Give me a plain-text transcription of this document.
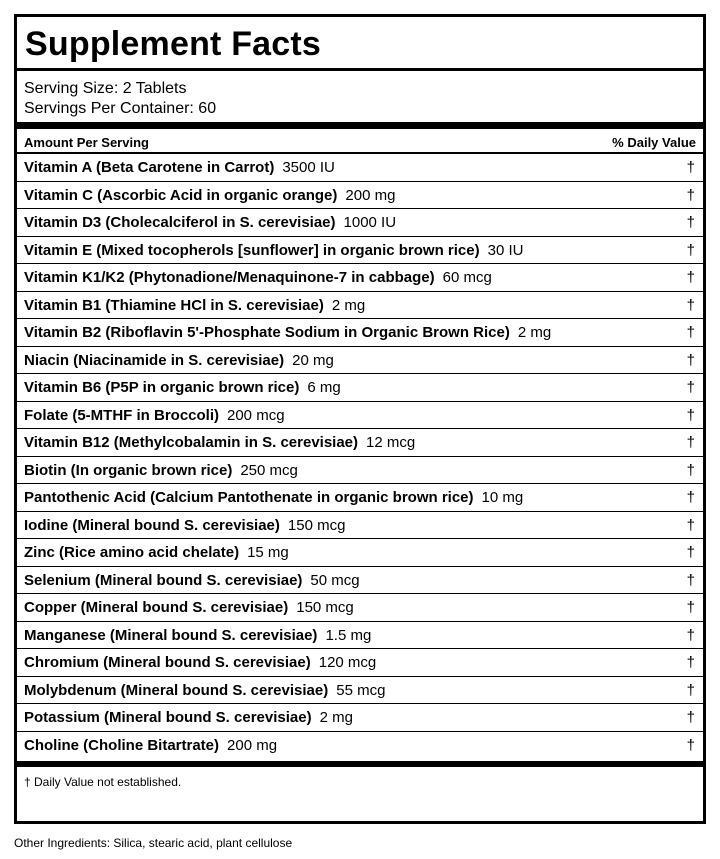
Supplement Facts
Serving Size: 2 Tablets
Servings Per Container: 60
Amount Per Serving	% Daily Value
Vitamin A (Beta Carotene in Carrot) 3500 IU	†
Vitamin C (Ascorbic Acid in organic orange) 200 mg	†
Vitamin D3 (Cholecalciferol in S. cerevisiae) 1000 IU	†
Vitamin E (Mixed tocopherols [sunflower] in organic brown rice) 30 IU	†
Vitamin K1/K2 (Phytonadione/Menaquinone-7 in cabbage) 60 mcg	†
Vitamin B1 (Thiamine HCl in S. cerevisiae) 2 mg	†
Vitamin B2 (Riboflavin 5'-Phosphate Sodium in Organic Brown Rice) 2 mg	†
Niacin (Niacinamide in S. cerevisiae) 20 mg	†
Vitamin B6 (P5P in organic brown rice) 6 mg	†
Folate (5-MTHF in Broccoli) 200 mcg	†
Vitamin B12 (Methylcobalamin in S. cerevisiae) 12 mcg	†
Biotin (In organic brown rice) 250 mcg	†
Pantothenic Acid (Calcium Pantothenate in organic brown rice) 10 mg	†
Iodine (Mineral bound S. cerevisiae) 150 mcg	†
Zinc (Rice amino acid chelate) 15 mg	†
Selenium (Mineral bound S. cerevisiae) 50 mcg	†
Copper (Mineral bound S. cerevisiae) 150 mcg	†
Manganese (Mineral bound S. cerevisiae) 1.5 mg	†
Chromium (Mineral bound S. cerevisiae) 120 mcg	†
Molybdenum (Mineral bound S. cerevisiae) 55 mcg	†
Potassium (Mineral bound S. cerevisiae) 2 mg	†
Choline (Choline Bitartrate) 200 mg	†
† Daily Value not established.
Other Ingredients: Silica, stearic acid, plant cellulose
